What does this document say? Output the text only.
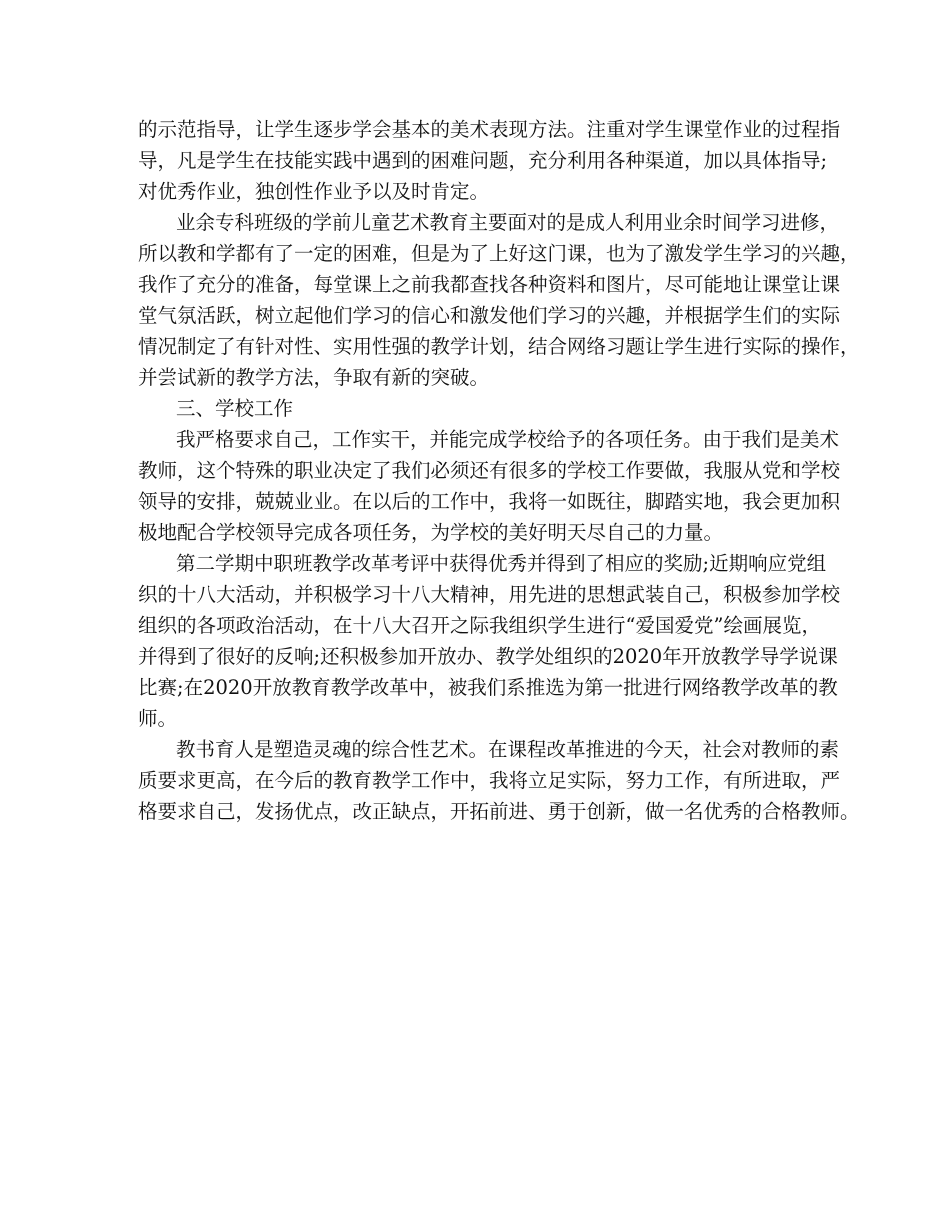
的示范指导，让学生逐步学会基本的美术表现方法。注重对学生课堂作业的过程指
导，凡是学生在技能实践中遇到的困难问题，充分利用各种渠道，加以具体指导;
对优秀作业，独创性作业予以及时肯定。
业余专科班级的学前儿童艺术教育主要面对的是成人利用业余时间学习进修，
所以教和学都有了一定的困难，但是为了上好这门课，也为了激发学生学习的兴趣，
我作了充分的准备，每堂课上之前我都查找各种资料和图片，尽可能地让课堂让课
堂气氛活跃，树立起他们学习的信心和激发他们学习的兴趣，并根据学生们的实际
情况制定了有针对性、实用性强的教学计划，结合网络习题让学生进行实际的操作，
并尝试新的教学方法，争取有新的突破。
三、学校工作
我严格要求自己，工作实干，并能完成学校给予的各项任务。由于我们是美术
教师，这个特殊的职业决定了我们必须还有很多的学校工作要做，我服从党和学校
领导的安排，兢兢业业。在以后的工作中，我将一如既往，脚踏实地，我会更加积
极地配合学校领导完成各项任务，为学校的美好明天尽自己的力量。
第二学期中职班教学改革考评中获得优秀并得到了相应的奖励;近期响应党组
织的十八大活动，并积极学习十八大精神，用先进的思想武装自己，积极参加学校
组织的各项政治活动，在十八大召开之际我组织学生进行“爱国爱党”绘画展览，
并得到了很好的反响;还积极参加开放办、教学处组织的2020年开放教学导学说课
比赛;在2020开放教育教学改革中，被我们系推选为第一批进行网络教学改革的教
师。
教书育人是塑造灵魂的综合性艺术。在课程改革推进的今天，社会对教师的素
质要求更高，在今后的教育教学工作中，我将立足实际，努力工作，有所进取，严
格要求自己，发扬优点，改正缺点，开拓前进、勇于创新，做一名优秀的合格教师。
